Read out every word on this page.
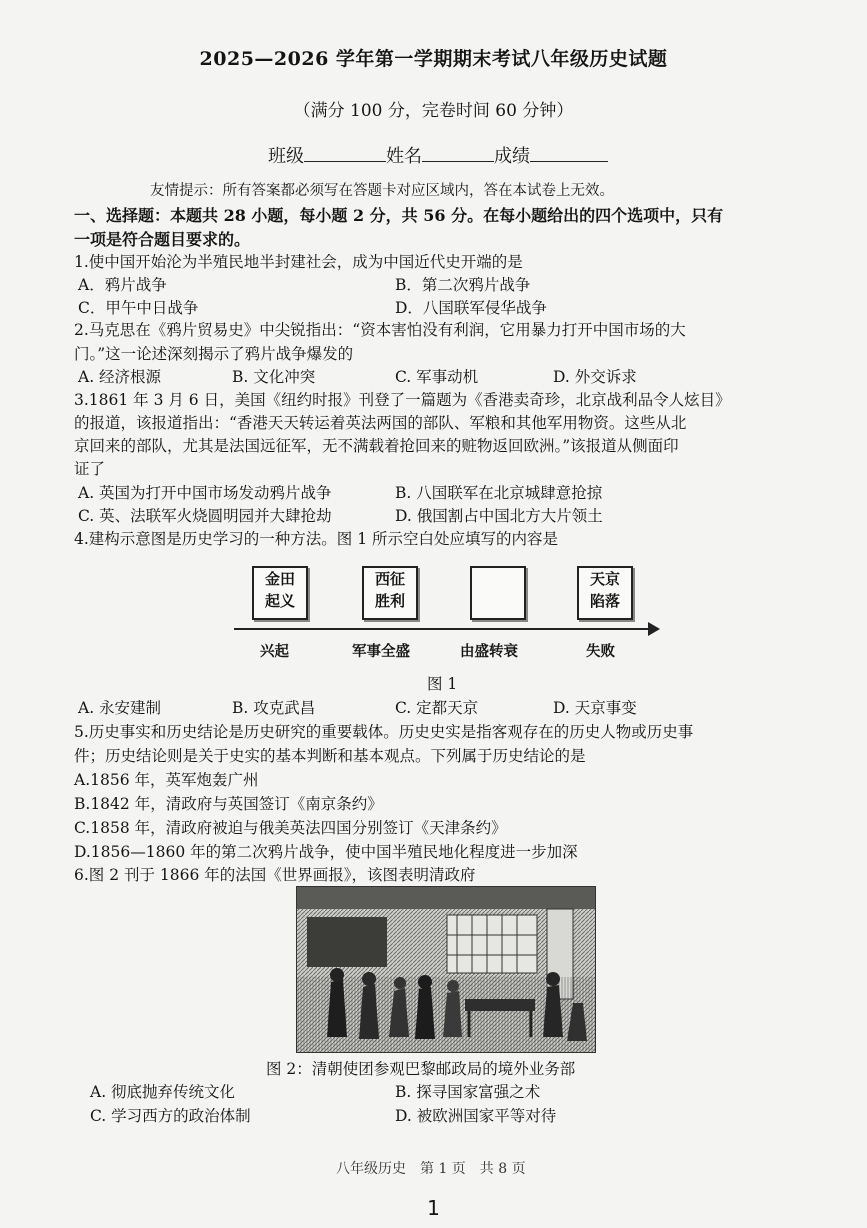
2025—2026 学年第一学期期末考试八年级历史试题
（满分 100 分，完卷时间 60 分钟）
班级	姓名	成绩
友情提示：所有答案都必须写在答题卡对应区域内，答在本试卷上无效。
一、选择题：本题共 28 小题，每小题 2 分，共 56 分。在每小题给出的四个选项中，只有
一项是符合题目要求的。
1.使中国开始沦为半殖民地半封建社会，成为中国近代史开端的是
A．鸦片战争	B．第二次鸦片战争
C．甲午中日战争	D．八国联军侵华战争
2.马克思在《鸦片贸易史》中尖锐指出：“资本害怕没有利润，它用暴力打开中国市场的大
门。”这一论述深刻揭示了鸦片战争爆发的
A. 经济根源	B. 文化冲突	C. 军事动机	D. 外交诉求
3.1861 年 3 月 6 日，美国《纽约时报》刊登了一篇题为《香港卖奇珍，北京战利品令人炫目》
的报道，该报道指出：“香港天天转运着英法两国的部队、军粮和其他军用物资。这些从北
京回来的部队，尤其是法国远征军，无不满载着抢回来的赃物返回欧洲。”该报道从侧面印
证了
A. 英国为打开中国市场发动鸦片战争	B. 八国联军在北京城肆意抢掠
C. 英、法联军火烧圆明园并大肆抢劫	D. 俄国割占中国北方大片领土
4.建构示意图是历史学习的一种方法。图 1 所示空白处应填写的内容是
金田
起义
西征
胜利
天京
陷落
兴起	军事全盛	由盛转衰	失败
图 1
A. 永安建制	B. 攻克武昌	C. 定都天京	D. 天京事变
5.历史事实和历史结论是历史研究的重要载体。历史史实是指客观存在的历史人物或历史事
件；历史结论则是关于史实的基本判断和基本观点。下列属于历史结论的是
A.1856 年，英军炮轰广州
B.1842 年，清政府与英国签订《南京条约》
C.1858 年，清政府被迫与俄美英法四国分别签订《天津条约》
D.1856—1860 年的第二次鸦片战争，使中国半殖民地化程度进一步加深
6.图 2 刊于 1866 年的法国《世界画报》，该图表明清政府
图 2：清朝使团参观巴黎邮政局的境外业务部
A. 彻底抛弃传统文化	B. 探寻国家富强之术
C. 学习西方的政治体制	D. 被欧洲国家平等对待
八年级历史　第 1 页　共 8 页
1
